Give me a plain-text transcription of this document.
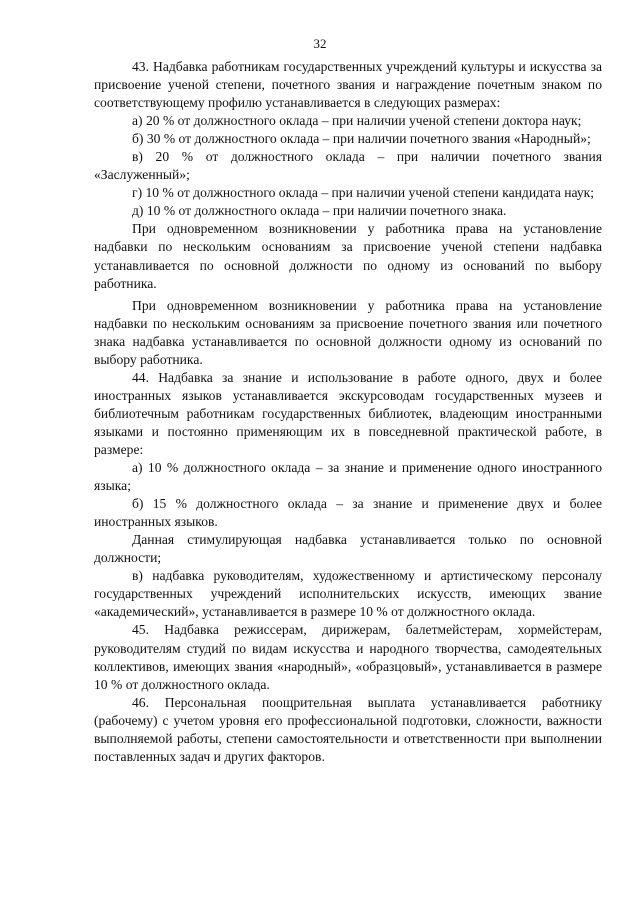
32

43. Надбавка работникам государственных учреждений культуры и искусства за присвоение ученой степени, почетного звания и награждение почетным знаком по соответствующему профилю устанавливается в следующих размерах:

а) 20 % от должностного оклада – при наличии ученой степени доктора наук;

б) 30 % от должностного оклада – при наличии почетного звания «Народный»;

в) 20 % от должностного оклада – при наличии почетного звания «Заслуженный»;

г) 10 % от должностного оклада – при наличии ученой степени кандидата наук;

д) 10 % от должностного оклада – при наличии почетного знака.

При одновременном возникновении у работника права на установление надбавки по нескольким основаниям за присвоение ученой степени надбавка устанавливается по основной должности по одному из оснований по выбору работника.

При одновременном возникновении у работника права на установление надбавки по нескольким основаниям за присвоение почетного звания или почетного знака надбавка устанавливается по основной должности одному из оснований по выбору работника.

44. Надбавка за знание и использование в работе одного, двух и более иностранных языков устанавливается экскурсоводам государственных музеев и библиотечным работникам государственных библиотек, владеющим иностранными языками и постоянно применяющим их в повседневной практической работе, в размере:

а) 10 % должностного оклада – за знание и применение одного иностранного языка;

б) 15 % должностного оклада – за знание и применение двух и более иностранных языков.

Данная стимулирующая надбавка устанавливается только по основной должности;

в) надбавка руководителям, художественному и артистическому персоналу государственных учреждений исполнительских искусств, имеющих звание «академический», устанавливается в размере 10 % от должностного оклада.

45. Надбавка режиссерам, дирижерам, балетмейстерам, хормейстерам, руководителям студий по видам искусства и народного творчества, самодеятельных коллективов, имеющих звания «народный», «образцовый», устанавливается в размере 10 % от должностного оклада.

46. Персональная поощрительная выплата устанавливается работнику (рабочему) с учетом уровня его профессиональной подготовки, сложности, важности выполняемой работы, степени самостоятельности и ответственности при выполнении поставленных задач и других факторов.
